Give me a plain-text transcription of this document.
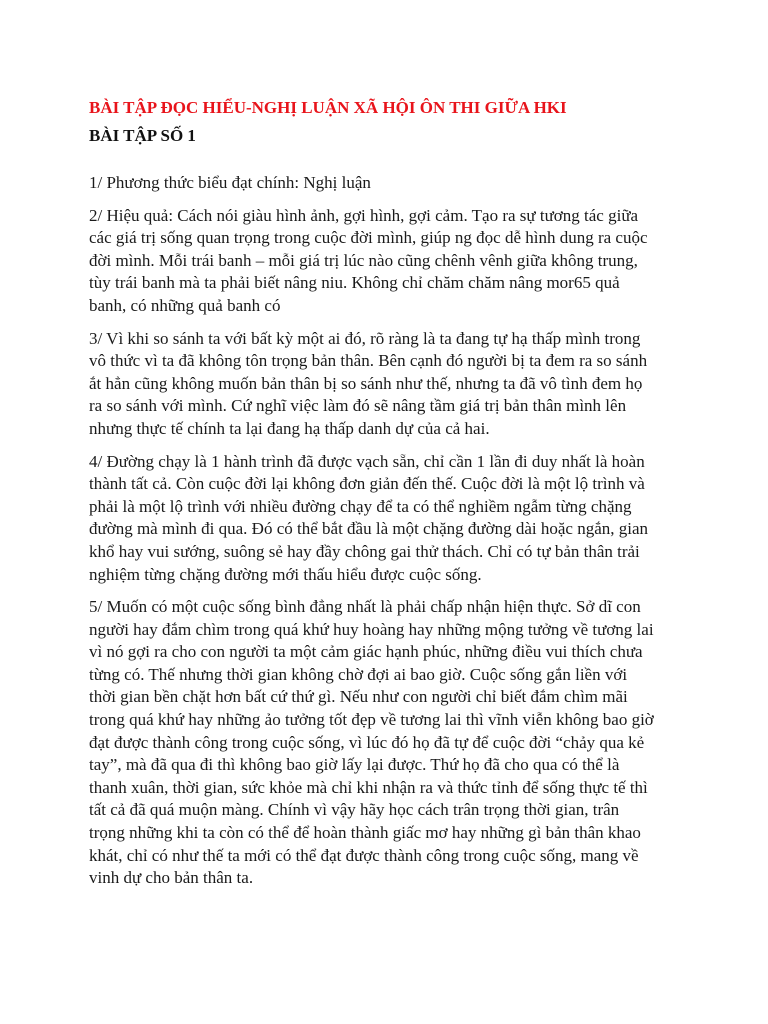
BÀI TẬP ĐỌC HIỂU-NGHỊ LUẬN XÃ HỘI ÔN THI GIỮA HKI
BÀI TẬP SỐ 1

1/ Phương thức biểu đạt chính: Nghị luận

2/ Hiệu quả: Cách nói giàu hình ảnh, gợi hình, gợi cảm. Tạo ra sự tương tác giữa
các giá trị sống quan trọng trong cuộc đời mình, giúp ng đọc dễ hình dung ra cuộc
đời mình. Mỗi trái banh – mỗi giá trị lúc nào cũng chênh vênh giữa không trung,
tùy trái banh mà ta phải biết nâng niu. Không chỉ chăm chăm nâng mor65 quả
banh, có những quả banh có

3/ Vì khi so sánh ta với bất kỳ một ai đó, rõ ràng là ta đang tự hạ thấp mình trong
vô thức vì ta đã không tôn trọng bản thân. Bên cạnh đó người bị ta đem ra so sánh
ắt hẳn cũng không muốn bản thân bị so sánh như thế, nhưng ta đã vô tình đem họ
ra so sánh với mình. Cứ nghĩ việc làm đó sẽ nâng tầm giá trị bản thân mình lên
nhưng thực tế chính ta lại đang hạ thấp danh dự của cả hai.

4/ Đường chạy là 1 hành trình đã được vạch sẵn, chỉ cần 1 lần đi duy nhất là hoàn
thành tất cả. Còn cuộc đời lại không đơn giản đến thế. Cuộc đời là một lộ trình và
phải là một lộ trình với nhiều đường chạy để ta có thể nghiềm ngẫm từng chặng
đường mà mình đi qua. Đó có thể bắt đầu là một chặng đường dài hoặc ngắn, gian
khổ hay vui sướng, suông sẻ hay đầy chông gai thử thách. Chỉ có tự bản thân trải
nghiệm từng chặng đường mới thấu hiểu được cuộc sống.

5/ Muốn có một cuộc sống bình đẳng nhất là phải chấp nhận hiện thực. Sở dĩ con
người hay đắm chìm trong quá khứ huy hoàng hay những mộng tưởng về tương lai
vì nó gợi ra cho con người ta một cảm giác hạnh phúc, những điều vui thích chưa
từng có. Thế nhưng thời gian không chờ đợi ai bao giờ. Cuộc sống gắn liền với
thời gian bền chặt hơn bất cứ thứ gì. Nếu như con người chỉ biết đắm chìm mãi
trong quá khứ hay những ảo tưởng tốt đẹp về tương lai thì vĩnh viễn không bao giờ
đạt được thành công trong cuộc sống, vì lúc đó họ đã tự để cuộc đời “chảy qua kẻ
tay”, mà đã qua đi thì không bao giờ lấy lại được. Thứ họ đã cho qua có thể là
thanh xuân, thời gian, sức khỏe mà chỉ khi nhận ra và thức tỉnh để sống thực tế thì
tất cả đã quá muộn màng. Chính vì vậy hãy học cách trân trọng thời gian, trân
trọng những khi ta còn có thể để hoàn thành giấc mơ hay những gì bản thân khao
khát, chỉ có như thế ta mới có thể đạt được thành công trong cuộc sống, mang về
vinh dự cho bản thân ta.
